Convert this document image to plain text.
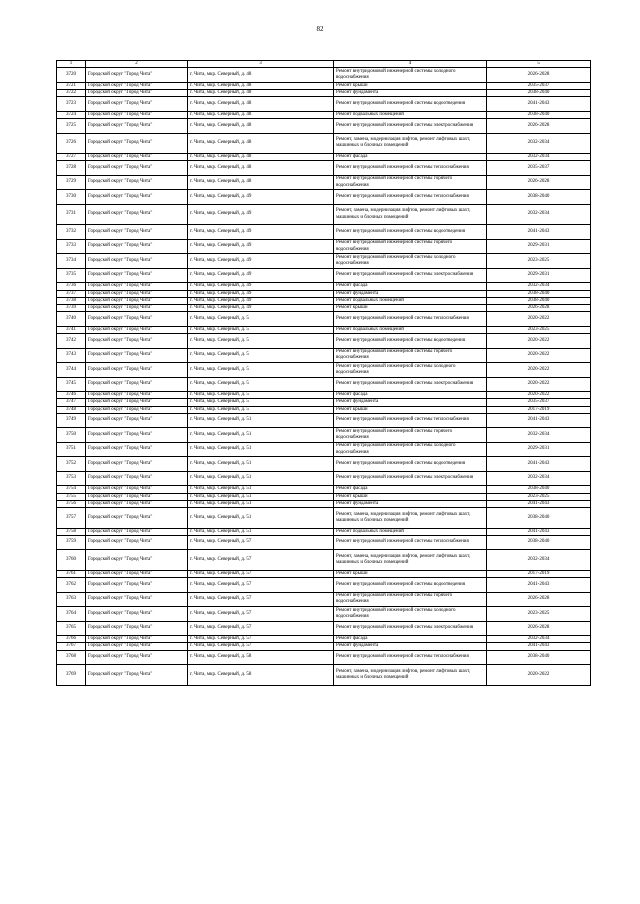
82
1	2	3	4	5
3720	Городской округ "Город Чита"	г. Чита, мкр. Северный, д. 48	Ремонт внутридомовой инженерной системы холодного водоснабжения	2026-2028
3721	Городской округ "Город Чита"	г. Чита, мкр. Северный, д. 48	Ремонт крыши	2035-2037
3722	Городской округ "Город Чита"	г. Чита, мкр. Северный, д. 48	Ремонт фундамента	2038-2040
3723	Городской округ "Город Чита"	г. Чита, мкр. Северный, д. 48	Ремонт внутридомовой инженерной системы водоотведения	2041-2043
3724	Городской округ "Город Чита"	г. Чита, мкр. Северный, д. 48	Ремонт подвальных помещений	2038-2040
3725	Городской округ "Город Чита"	г. Чита, мкр. Северный, д. 48	Ремонт внутридомовой инженерной системы электроснабжения	2026-2028
3726	Городской округ "Город Чита"	г. Чита, мкр. Северный, д. 48	Ремонт, замена, модернизация лифтов, ремонт лифтовых шахт, машинных и блочных помещений	2032-2034
3727	Городской округ "Город Чита"	г. Чита, мкр. Северный, д. 48	Ремонт фасада	2032-2034
3728	Городской округ "Город Чита"	г. Чита, мкр. Северный, д. 48	Ремонт внутридомовой инженерной системы теплоснабжения	2035-2037
3729	Городской округ "Город Чита"	г. Чита, мкр. Северный, д. 48	Ремонт внутридомовой инженерной системы горячего водоснабжения	2026-2028
3730	Городской округ "Город Чита"	г. Чита, мкр. Северный, д. 49	Ремонт внутридомовой инженерной системы теплоснабжения	2038-2040
3731	Городской округ "Город Чита"	г. Чита, мкр. Северный, д. 49	Ремонт, замена, модернизация лифтов, ремонт лифтовых шахт, машинных и блочных помещений	2032-2034
3732	Городской округ "Город Чита"	г. Чита, мкр. Северный, д. 49	Ремонт внутридомовой инженерной системы водоотведения	2041-2043
3733	Городской округ "Город Чита"	г. Чита, мкр. Северный, д. 49	Ремонт внутридомовой инженерной системы горячего водоснабжения	2029-2031
3734	Городской округ "Город Чита"	г. Чита, мкр. Северный, д. 49	Ремонт внутридомовой инженерной системы холодного водоснабжения	2023-2025
3735	Городской округ "Город Чита"	г. Чита, мкр. Северный, д. 49	Ремонт внутридомовой инженерной системы электроснабжения	2029-2031
3736	Городской округ "Город Чита"	г. Чита, мкр. Северный, д. 49	Ремонт фасада	2032-2034
3737	Городской округ "Город Чита"	г. Чита, мкр. Северный, д. 49	Ремонт фундамента	2038-2040
3738	Городской округ "Город Чита"	г. Чита, мкр. Северный, д. 49	Ремонт подвальных помещений	2038-2040
3739	Городской округ "Город Чита"	г. Чита, мкр. Северный, д. 49	Ремонт крыши	2026-2028
3740	Городской округ "Город Чита"	г. Чита, мкр. Северный, д. 5	Ремонт внутридомовой инженерной системы теплоснабжения	2020-2022
3741	Городской округ "Город Чита"	г. Чита, мкр. Северный, д. 5	Ремонт подвальных помещений	2023-2025
3742	Городской округ "Город Чита"	г. Чита, мкр. Северный, д. 5	Ремонт внутридомовой инженерной системы водоотведения	2020-2022
3743	Городской округ "Город Чита"	г. Чита, мкр. Северный, д. 5	Ремонт внутридомовой инженерной системы горячего водоснабжения	2020-2022
3744	Городской округ "Город Чита"	г. Чита, мкр. Северный, д. 5	Ремонт внутридомовой инженерной системы холодного водоснабжения	2020-2022
3745	Городской округ "Город Чита"	г. Чита, мкр. Северный, д. 5	Ремонт внутридомовой инженерной системы электроснабжения	2020-2022
3746	Городской округ "Город Чита"	г. Чита, мкр. Северный, д. 5	Ремонт фасада	2020-2022
3747	Городской округ "Город Чита"	г. Чита, мкр. Северный, д. 5	Ремонт фундамента	2035-2037
3748	Городской округ "Город Чита"	г. Чита, мкр. Северный, д. 5	Ремонт крыши	2017-2019
3749	Городской округ "Город Чита"	г. Чита, мкр. Северный, д. 51	Ремонт внутридомовой инженерной системы теплоснабжения	2041-2043
3750	Городской округ "Город Чита"	г. Чита, мкр. Северный, д. 51	Ремонт внутридомовой инженерной системы горячего водоснабжения	2032-2034
3751	Городской округ "Город Чита"	г. Чита, мкр. Северный, д. 51	Ремонт внутридомовой инженерной системы холодного водоснабжения	2029-2031
3752	Городской округ "Город Чита"	г. Чита, мкр. Северный, д. 51	Ремонт внутридомовой инженерной системы водоотведения	2041-2043
3753	Городской округ "Город Чита"	г. Чита, мкр. Северный, д. 51	Ремонт внутридомовой инженерной системы электроснабжения	2032-2034
3754	Городской округ "Город Чита"	г. Чита, мкр. Северный, д. 51	Ремонт фасада	2038-2040
3755	Городской округ "Город Чита"	г. Чита, мкр. Северный, д. 51	Ремонт крыши	2023-2025
3756	Городской округ "Город Чита"	г. Чита, мкр. Северный, д. 51	Ремонт фундамента	2041-2043
3757	Городской округ "Город Чита"	г. Чита, мкр. Северный, д. 51	Ремонт, замена, модернизация лифтов, ремонт лифтовых шахт, машинных и блочных помещений	2038-2040
3758	Городской округ "Город Чита"	г. Чита, мкр. Северный, д. 51	Ремонт подвальных помещений	2041-2043
3759	Городской округ "Город Чита"	г. Чита, мкр. Северный, д. 57	Ремонт внутридомовой инженерной системы теплоснабжения	2038-2040
3760	Городской округ "Город Чита"	г. Чита, мкр. Северный, д. 57	Ремонт, замена, модернизация лифтов, ремонт лифтовых шахт, машинных и блочных помещений	2032-2034
3761	Городской округ "Город Чита"	г. Чита, мкр. Северный, д. 57	Ремонт крыши	2017-2019
3762	Городской округ "Город Чита"	г. Чита, мкр. Северный, д. 57	Ремонт внутридомовой инженерной системы водоотведения	2041-2043
3763	Городской округ "Город Чита"	г. Чита, мкр. Северный, д. 57	Ремонт внутридомовой инженерной системы горячего водоснабжения	2026-2028
3764	Городской округ "Город Чита"	г. Чита, мкр. Северный, д. 57	Ремонт внутридомовой инженерной системы холодного водоснабжения	2023-2025
3765	Городской округ "Город Чита"	г. Чита, мкр. Северный, д. 57	Ремонт внутридомовой инженерной системы электроснабжения	2026-2028
3766	Городской округ "Город Чита"	г. Чита, мкр. Северный, д. 57	Ремонт фасада	2032-2034
3767	Городской округ "Город Чита"	г. Чита, мкр. Северный, д. 57	Ремонт фундамента	2041-2043
3768	Городской округ "Город Чита"	г. Чита, мкр. Северный, д. 58	Ремонт внутридомовой инженерной системы теплоснабжения	2038-2040
3769	Городской округ "Город Чита"	г. Чита, мкр. Северный, д. 58	Ремонт, замена, модернизация лифтов, ремонт лифтовых шахт, машинных и блочных помещений	2020-2022
